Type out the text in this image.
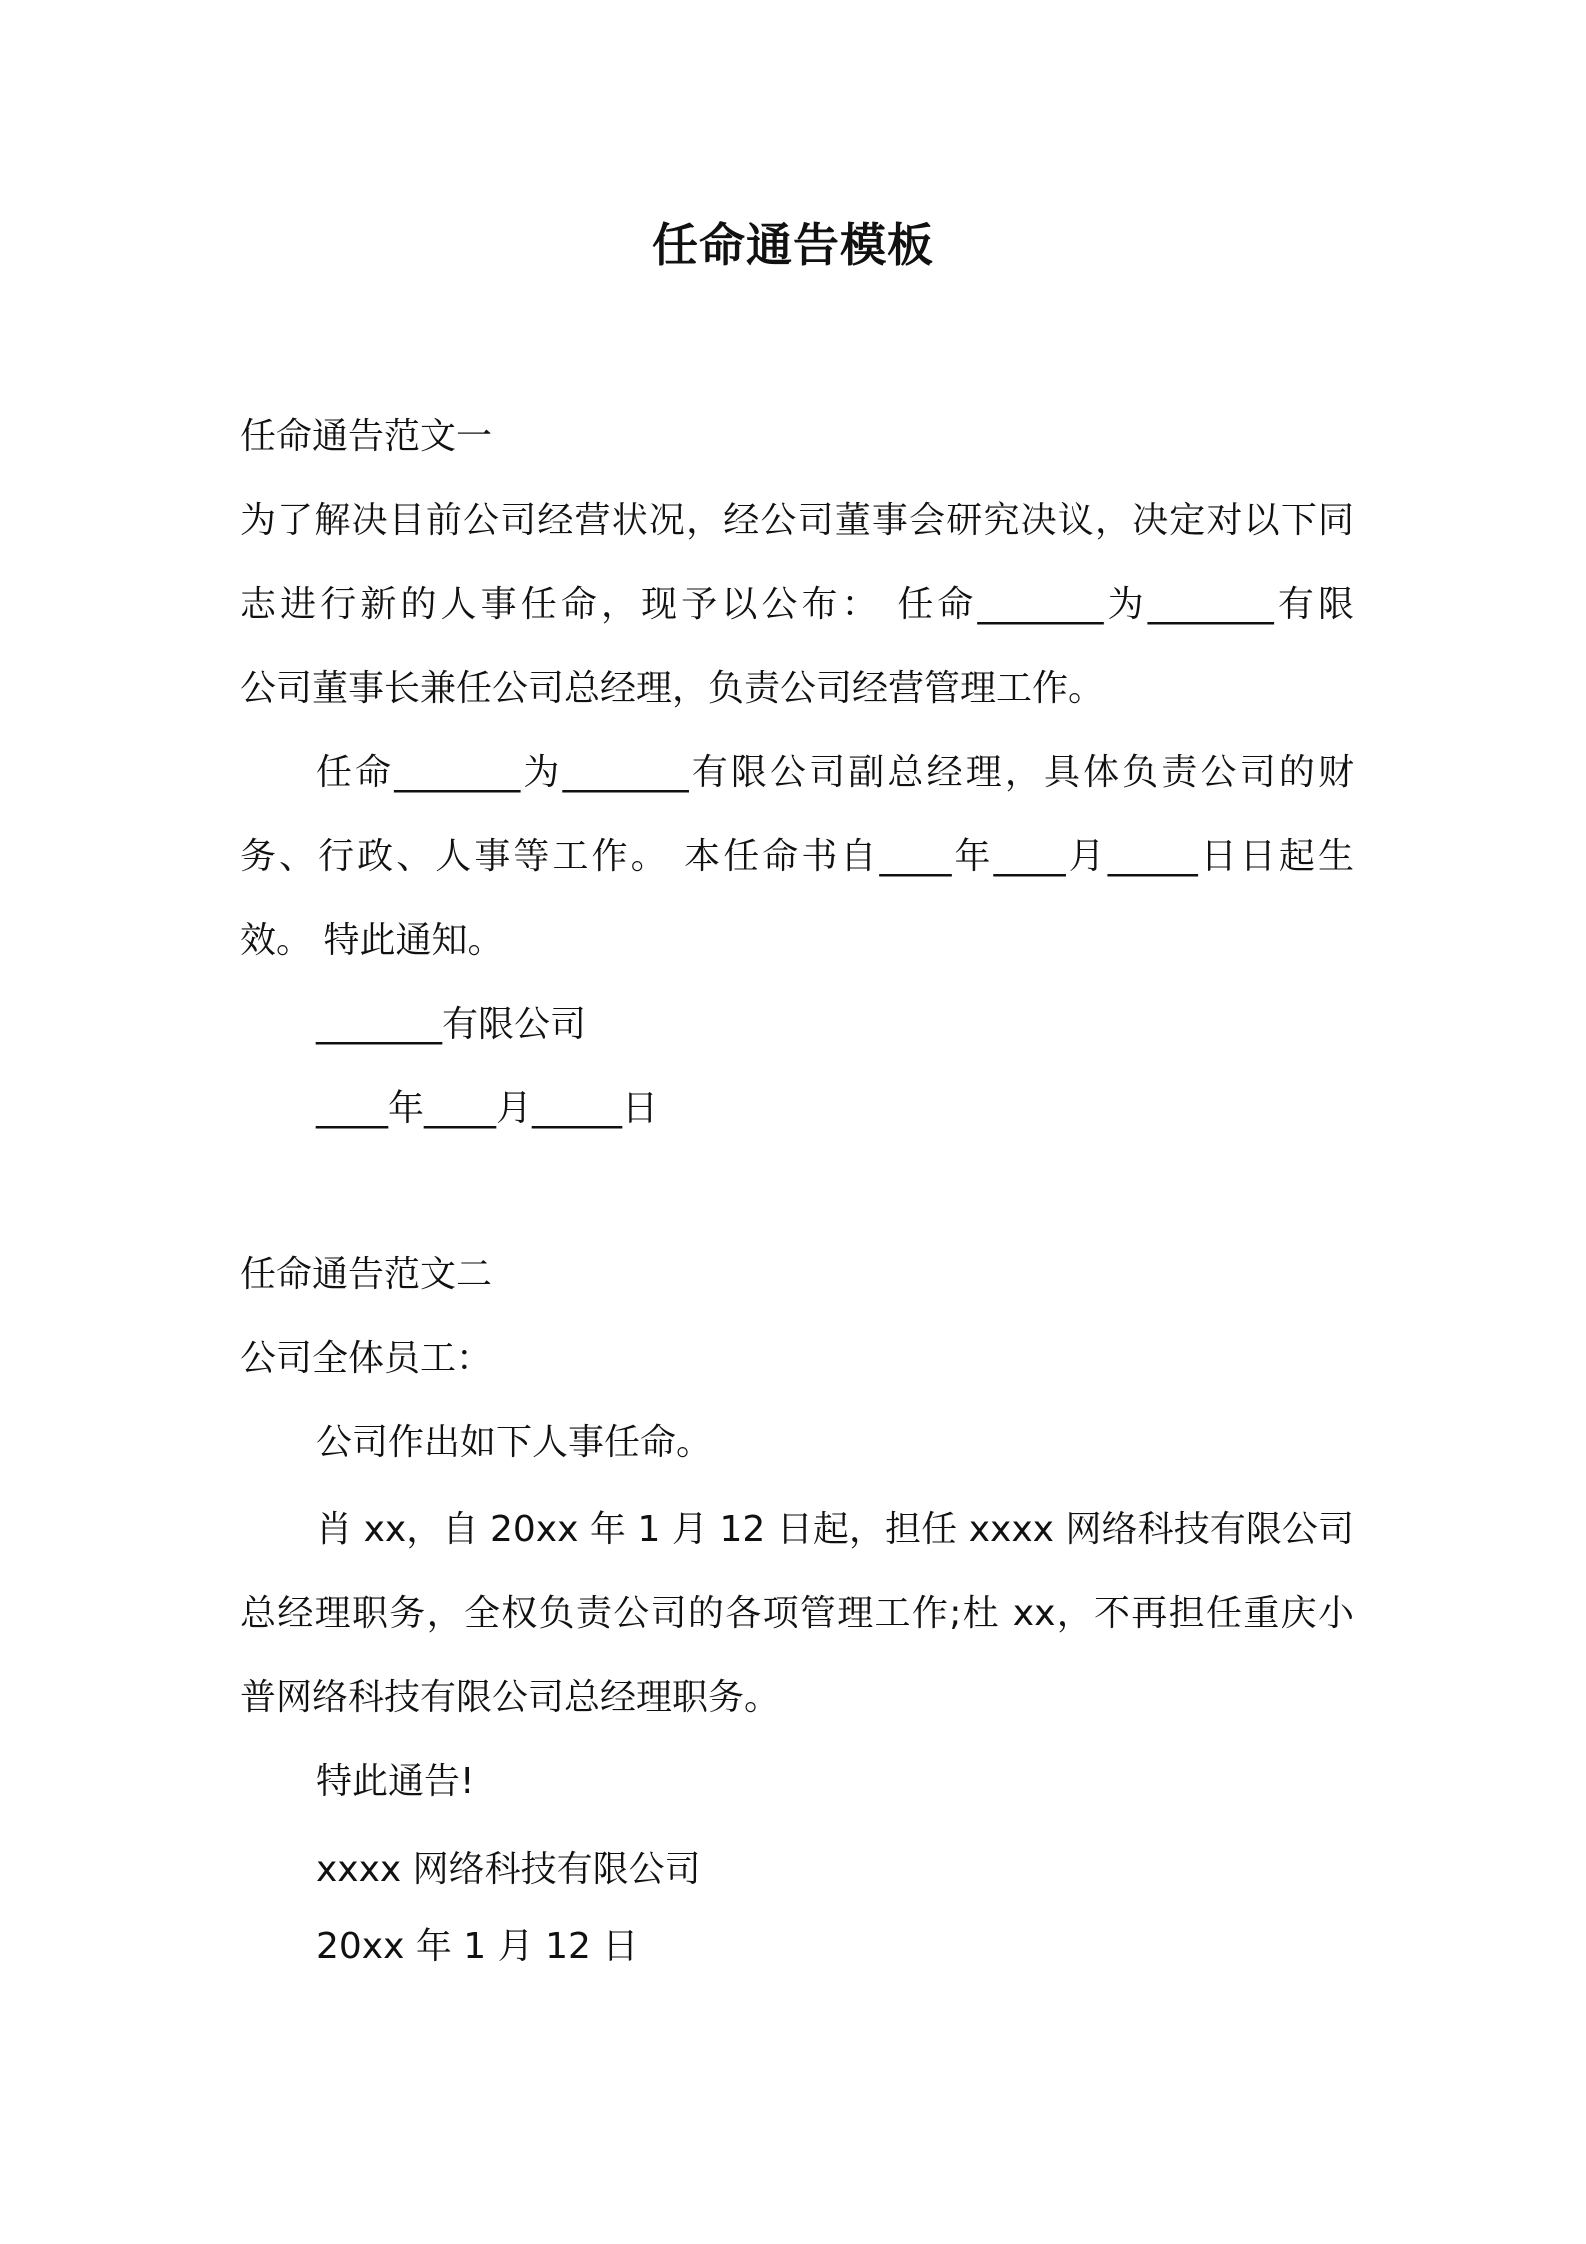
任命通告模板
任命通告范文一
为了解决目前公司经营状况，经公司董事会研究决议，决定对以下同
志进行新的人事任命，现予以公布： 任命_______为_______有限
公司董事长兼任公司总经理，负责公司经营管理工作。
任命_______为_______有限公司副总经理，具体负责公司的财
务、行政、人事等工作。 本任命书自____年____月_____日日起生
效。 特此通知。
_______有限公司
____年____月_____日
任命通告范文二
公司全体员工：
公司作出如下人事任命。
肖 xx，自 20xx 年 1 月 12 日起，担任 xxxx 网络科技有限公司
总经理职务，全权负责公司的各项管理工作;杜 xx，不再担任重庆小
普网络科技有限公司总经理职务。
特此通告!
xxxx 网络科技有限公司
20xx 年 1 月 12 日
